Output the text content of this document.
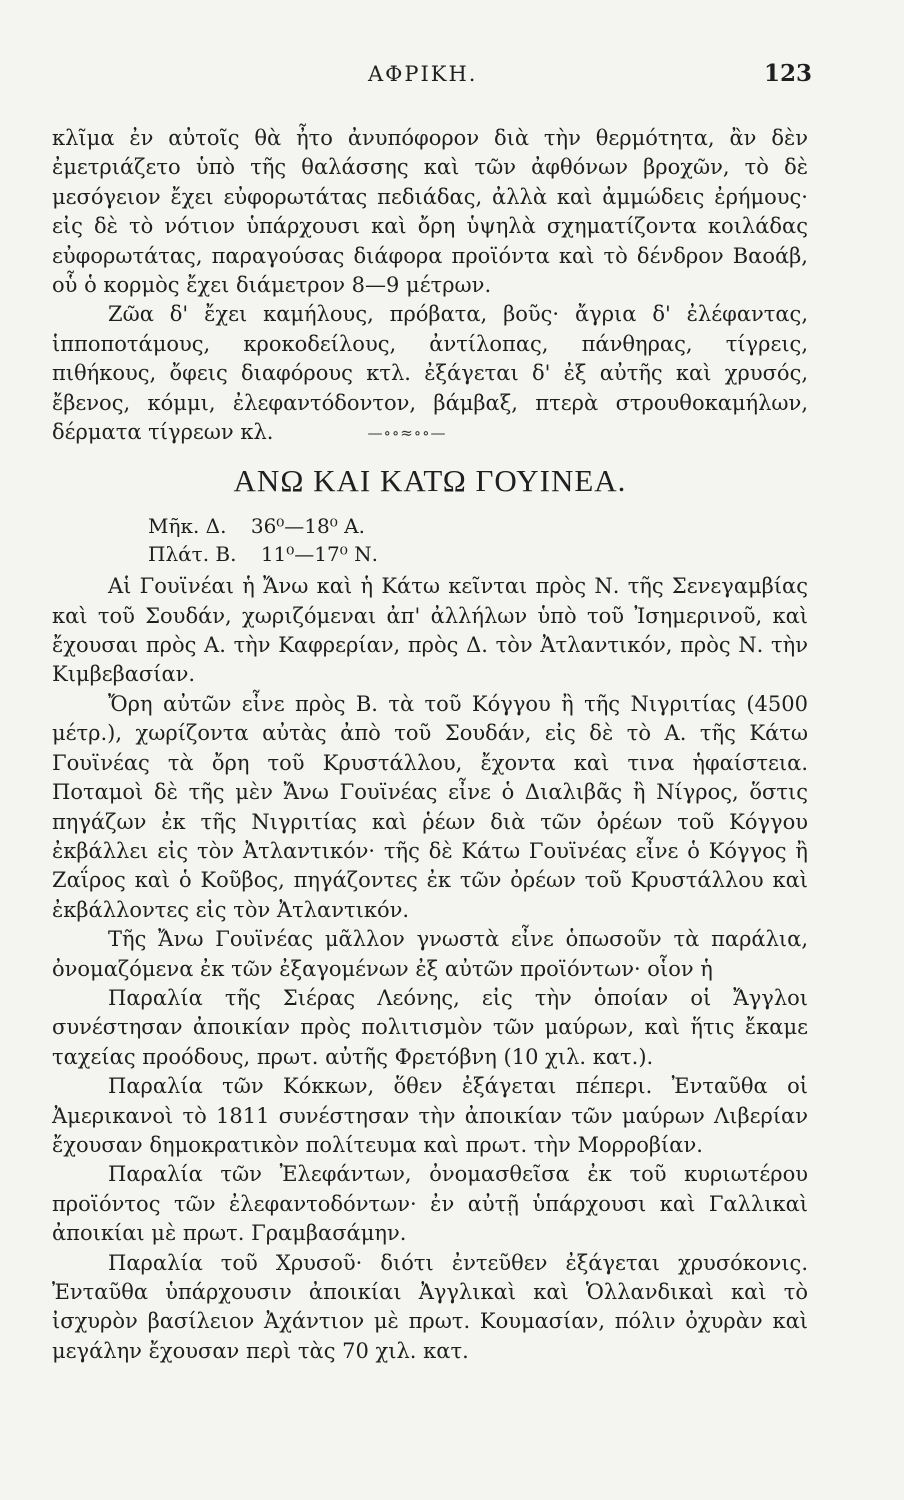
ΑΦΡΙΚΗ.	123

κλῖμα ἐν αὐτοῖς θὰ ἦτο ἀνυπόφορον διὰ τὴν θερμότητα, ἂν δὲν ἐμετριάζετο ὑπὸ τῆς θαλάσσης καὶ τῶν ἀφθόνων βροχῶν, τὸ δὲ μεσόγειον ἔχει εὐφορωτάτας πεδιάδας, ἀλλὰ καὶ ἀμμώδεις ἐρήμους· εἰς δὲ τὸ νότιον ὑπάρχουσι καὶ ὄρη ὑψηλὰ σχηματίζοντα κοιλάδας εὐφορωτάτας, παραγούσας διάφορα προϊόντα καὶ τὸ δένδρον Βαοάβ, οὗ ὁ κορμὸς ἔχει διάμετρον 8—9 μέτρων.

Ζῶα δ' ἔχει καμήλους, πρόβατα, βοῦς· ἄγρια δ' ἐλέφαντας, ἱπποποτάμους, κροκοδείλους, ἀντίλοπας, πάνθηρας, τίγρεις, πιθήκους, ὄφεις διαφόρους κτλ. ἐξάγεται δ' ἐξ αὐτῆς καὶ χρυσός, ἔβενος, κόμμι, ἐλεφαντόδοντον, βάμβαξ, πτερὰ στρουθοκαμήλων, δέρματα τίγρεων κλ.	—∘∘≈∘∘—

ΑΝΩ ΚΑΙ ΚΑΤΩ ΓΟΥΙΝΕΑ.
Μῆκ. Δ. 36⁰—18⁰ Α.
Πλάτ. Β. 11⁰—17⁰ Ν.

Αἱ Γουϊνέαι ἡ Ἄνω καὶ ἡ Κάτω κεῖνται πρὸς Ν. τῆς Σενεγαμβίας καὶ τοῦ Σουδάν, χωριζόμεναι ἀπ' ἀλλήλων ὑπὸ τοῦ Ἰσημερινοῦ, καὶ ἔχουσαι πρὸς Α. τὴν Καφρερίαν, πρὸς Δ. τὸν Ἀτλαντικόν, πρὸς Ν. τὴν Κιμβεβασίαν.

Ὄρη αὐτῶν εἶνε πρὸς Β. τὰ τοῦ Κόγγου ἢ τῆς Νιγριτίας (4500 μέτρ.), χωρίζοντα αὐτὰς ἀπὸ τοῦ Σουδάν, εἰς δὲ τὸ Α. τῆς Κάτω Γουϊνέας τὰ ὄρη τοῦ Κρυστάλλου, ἔχοντα καὶ τινα ἡφαίστεια. Ποταμοὶ δὲ τῆς μὲν Ἄνω Γουϊνέας εἶνε ὁ Διαλιβᾶς ἢ Νίγρος, ὅστις πηγάζων ἐκ τῆς Νιγριτίας καὶ ῥέων διὰ τῶν ὀρέων τοῦ Κόγγου ἐκβάλλει εἰς τὸν Ἀτλαντικόν· τῆς δὲ Κάτω Γουϊνέας εἶνε ὁ Κόγγος ἢ Ζαΐρος καὶ ὁ Κοῦβος, πηγάζοντες ἐκ τῶν ὀρέων τοῦ Κρυστάλλου καὶ ἐκβάλλοντες εἰς τὸν Ἀτλαντικόν.

Τῆς Ἄνω Γουϊνέας μᾶλλον γνωστὰ εἶνε ὁπωσοῦν τὰ παράλια, ὀνομαζόμενα ἐκ τῶν ἐξαγομένων ἐξ αὐτῶν προϊόντων· οἷον ἡ

Παραλία τῆς Σιέρας Λεόνης, εἰς τὴν ὁποίαν οἱ Ἄγγλοι συνέστησαν ἀποικίαν πρὸς πολιτισμὸν τῶν μαύρων, καὶ ἥτις ἔκαμε ταχείας προόδους, πρωτ. αὐτῆς Φρετόβνη (10 χιλ. κατ.).

Παραλία τῶν Κόκκων, ὅθεν ἐξάγεται πέπερι. Ἐνταῦθα οἱ Ἀμερικανοὶ τὸ 1811 συνέστησαν τὴν ἀποικίαν τῶν μαύρων Λιβερίαν ἔχουσαν δημοκρατικὸν πολίτευμα καὶ πρωτ. τὴν Μορροβίαν.

Παραλία τῶν Ἐλεφάντων, ὀνομασθεῖσα ἐκ τοῦ κυριωτέρου προϊόντος τῶν ἐλεφαντοδόντων· ἐν αὐτῇ ὑπάρχουσι καὶ Γαλλικαὶ ἀποικίαι μὲ πρωτ. Γραμβασάμην.

Παραλία τοῦ Χρυσοῦ· διότι ἐντεῦθεν ἐξάγεται χρυσόκονις. Ἐνταῦθα ὑπάρχουσιν ἀποικίαι Ἀγγλικαὶ καὶ Ὁλλανδικαὶ καὶ τὸ ἰσχυρὸν βασίλειον Ἀχάντιον μὲ πρωτ. Κουμασίαν, πόλιν ὀχυρὰν καὶ μεγάλην ἔχουσαν περὶ τὰς 70 χιλ. κατ.
